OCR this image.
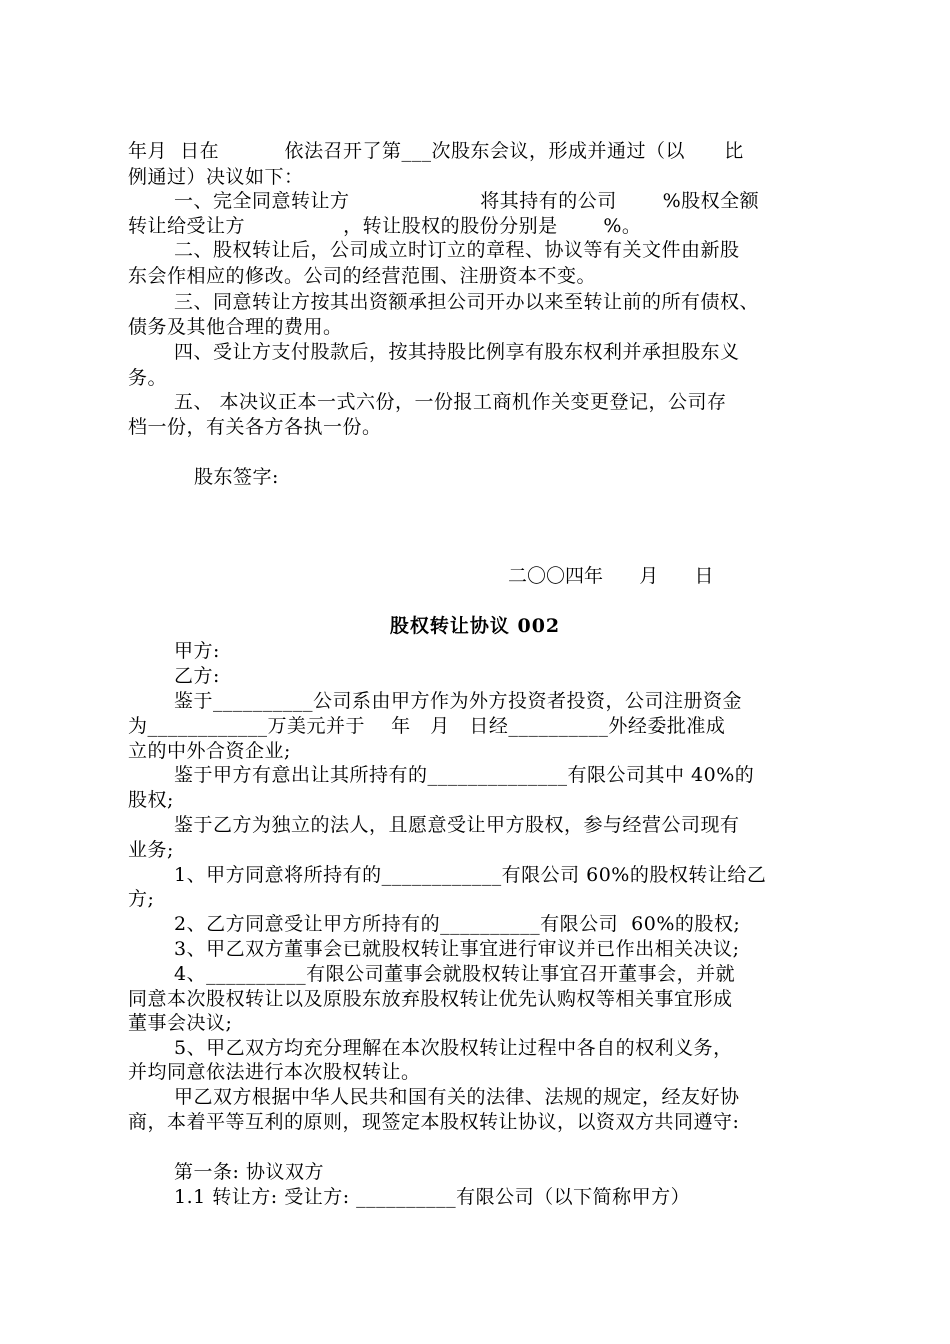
年月  日在          依法召开了第___次股东会议，形成并通过（以      比
例通过）决议如下：
一、完全同意转让方                    将其持有的公司       %股权全额
转让给受让方               ，转让股权的股份分别是       %。
二、股权转让后，公司成立时订立的章程、协议等有关文件由新股
东会作相应的修改。公司的经营范围、注册资本不变。
三、同意转让方按其出资额承担公司开办以来至转让前的所有债权、
债务及其他合理的费用。
四、受让方支付股款后，按其持股比例享有股东权利并承担股东义
务。
五、 本决议正本一式六份，一份报工商机作关变更登记，公司存
档一份，有关各方各执一份。
股东签字:
二〇〇四年      月      日
股权转让协议 002
甲方:
乙方:
鉴于__________公司系由甲方作为外方投资者投资，公司注册资金
为____________万美元并于    年   月   日经__________外经委批准成
立的中外合资企业;
鉴于甲方有意出让其所持有的______________有限公司其中 40%的
股权;
鉴于乙方为独立的法人，且愿意受让甲方股权，参与经营公司现有
业务;
1、甲方同意将所持有的____________有限公司 60%的股权转让给乙
方;
2、乙方同意受让甲方所持有的__________有限公司  60%的股权;
3、甲乙双方董事会已就股权转让事宜进行审议并已作出相关决议;
4、__________有限公司董事会就股权转让事宜召开董事会，并就
同意本次股权转让以及原股东放弃股权转让优先认购权等相关事宜形成
董事会决议;
5、甲乙双方均充分理解在本次股权转让过程中各自的权利义务，
并均同意依法进行本次股权转让。
甲乙双方根据中华人民共和国有关的法律、法规的规定，经友好协
商，本着平等互利的原则，现签定本股权转让协议，以资双方共同遵守:
第一条: 协议双方
1.1 转让方: 受让方: __________有限公司（以下简称甲方）
